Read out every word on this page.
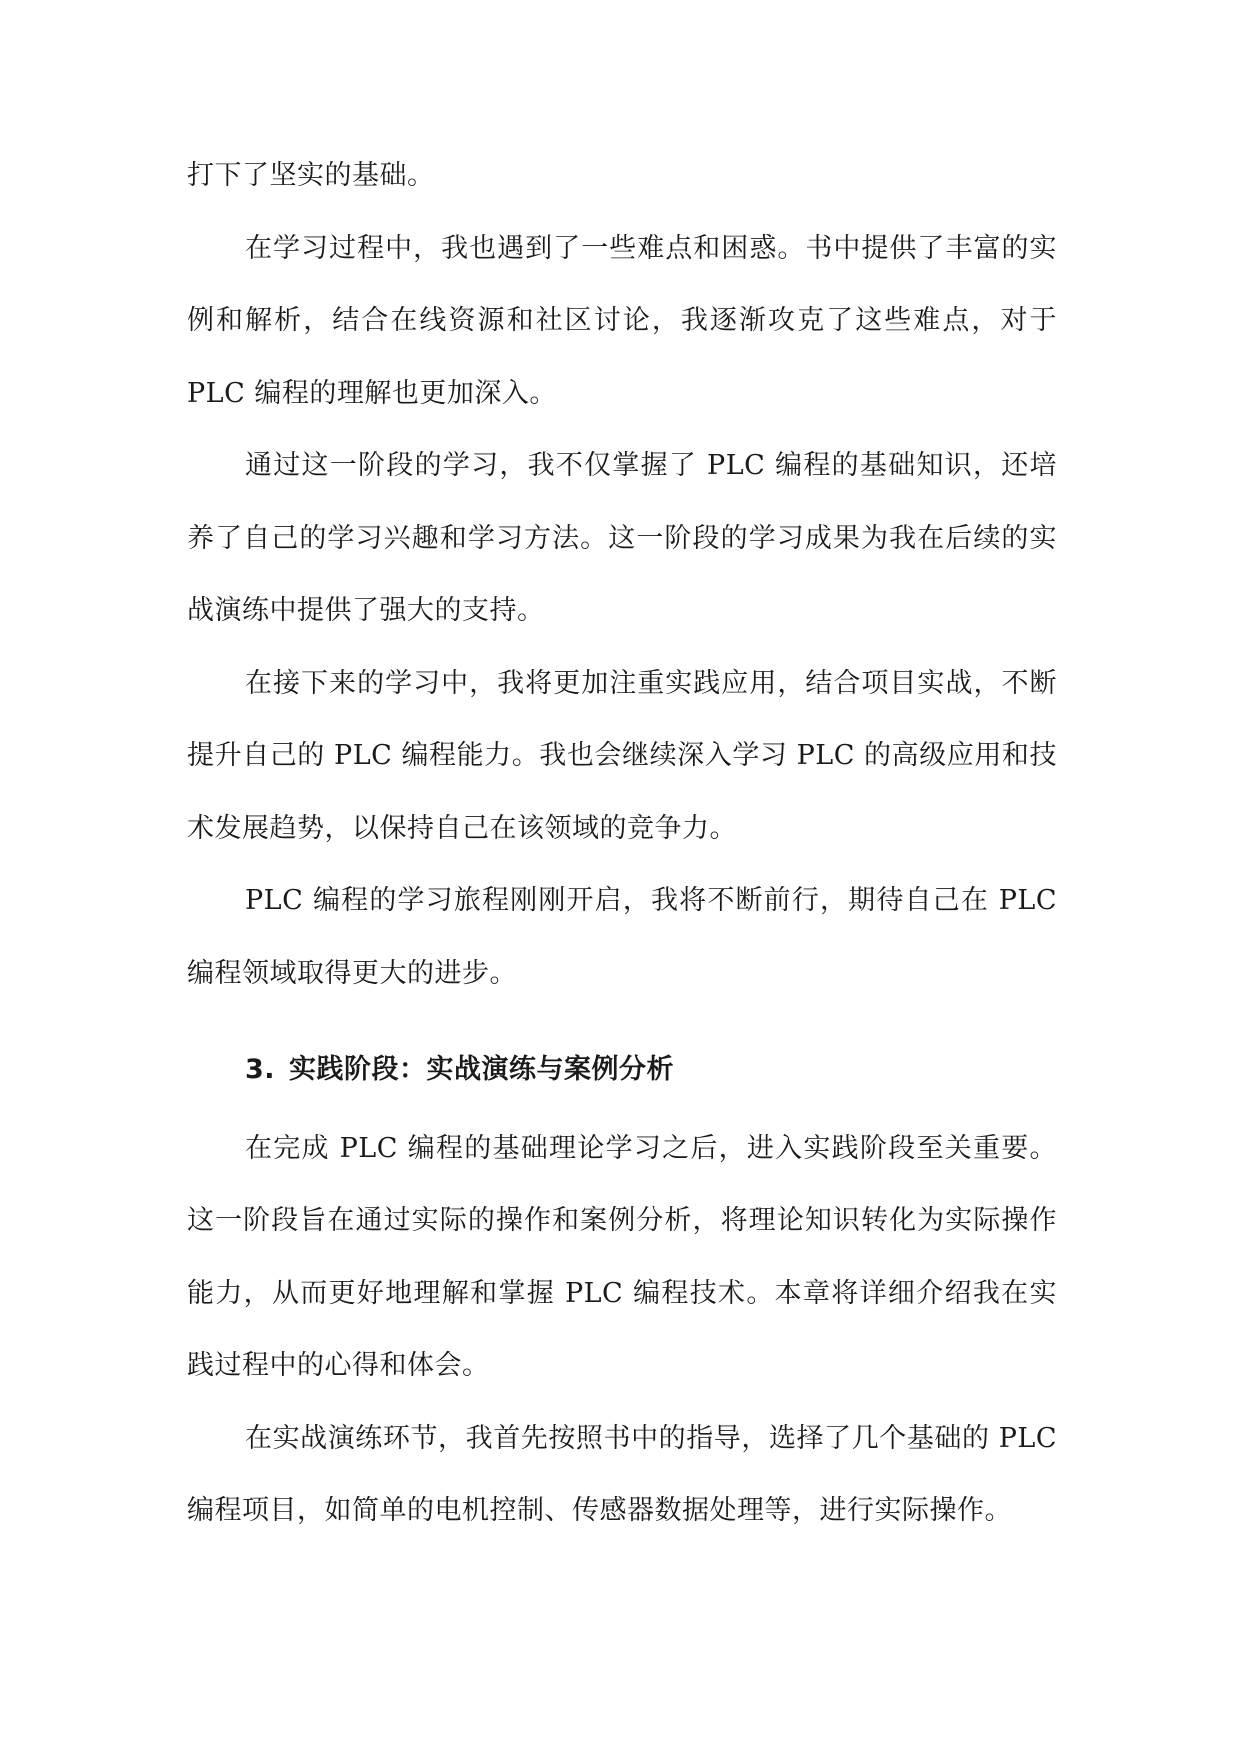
打下了坚实的基础。

在学习过程中，我也遇到了一些难点和困惑。书中提供了丰富的实例和解析，结合在线资源和社区讨论，我逐渐攻克了这些难点，对于 PLC 编程的理解也更加深入。

通过这一阶段的学习，我不仅掌握了 PLC 编程的基础知识，还培养了自己的学习兴趣和学习方法。这一阶段的学习成果为我在后续的实战演练中提供了强大的支持。

在接下来的学习中，我将更加注重实践应用，结合项目实战，不断提升自己的 PLC 编程能力。我也会继续深入学习 PLC 的高级应用和技术发展趋势，以保持自己在该领域的竞争力。

PLC 编程的学习旅程刚刚开启，我将不断前行，期待自己在 PLC 编程领域取得更大的进步。

3. 实践阶段：实战演练与案例分析

在完成 PLC 编程的基础理论学习之后，进入实践阶段至关重要。这一阶段旨在通过实际的操作和案例分析，将理论知识转化为实际操作能力，从而更好地理解和掌握 PLC 编程技术。本章将详细介绍我在实践过程中的心得和体会。

在实战演练环节，我首先按照书中的指导，选择了几个基础的 PLC 编程项目，如简单的电机控制、传感器数据处理等，进行实际操作。
